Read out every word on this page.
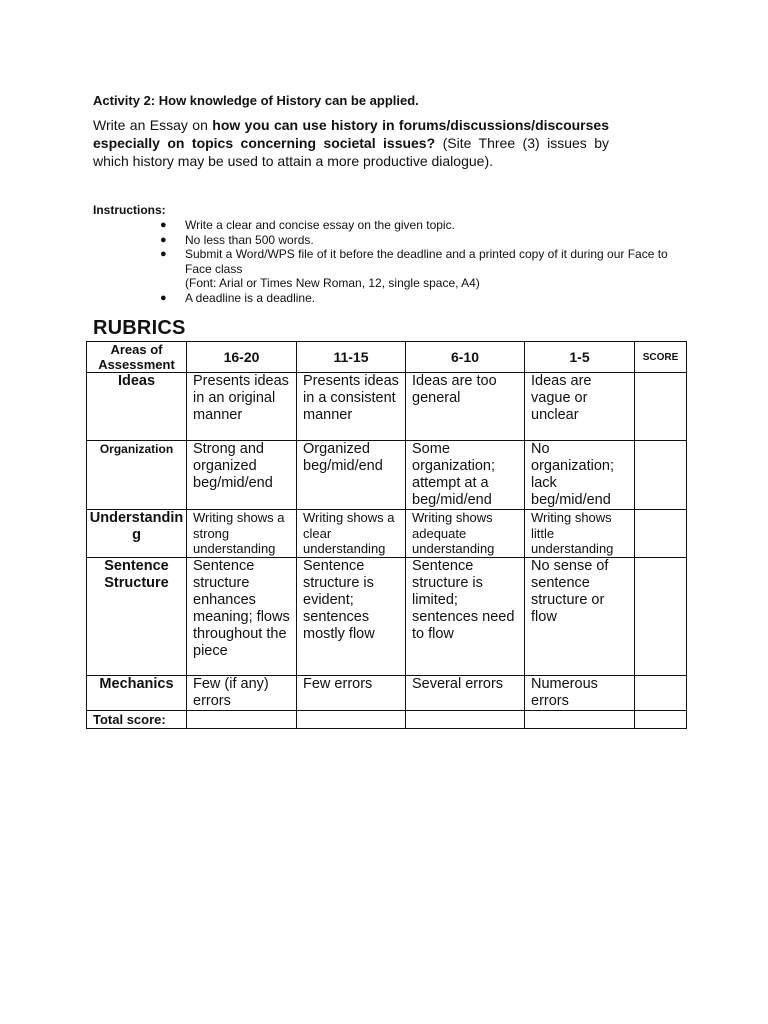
Activity 2: How knowledge of History can be applied.

Write an Essay on how you can use history in forums/discussions/discourses especially on topics concerning societal issues? (Site Three (3) issues by which history may be used to attain a more productive dialogue).

Instructions:

● Write a clear and concise essay on the given topic.
● No less than 500 words.
● Submit a Word/WPS file of it before the deadline and a printed copy of it during our Face to Face class
(Font: Arial or Times New Roman, 12, single space, A4)
● A deadline is a deadline.

RUBRICS

Areas of Assessment	16-20	11-15	6-10	1-5	SCORE
Ideas	Presents ideas in an original manner	Presents ideas in a consistent manner	Ideas are too general	Ideas are vague or unclear	
Organization	Strong and organized beg/mid/end	Organized beg/mid/end	Some organization; attempt at a beg/mid/end	No organization; lack beg/mid/end	
Understanding	Writing shows a strong understanding	Writing shows a clear understanding	Writing shows adequate understanding	Writing shows little understanding	
Sentence Structure	Sentence structure enhances meaning; flows throughout the piece	Sentence structure is evident; sentences mostly flow	Sentence structure is limited; sentences need to flow	No sense of sentence structure or flow	
Mechanics	Few (if any) errors	Few errors	Several errors	Numerous errors	
Total score:					
